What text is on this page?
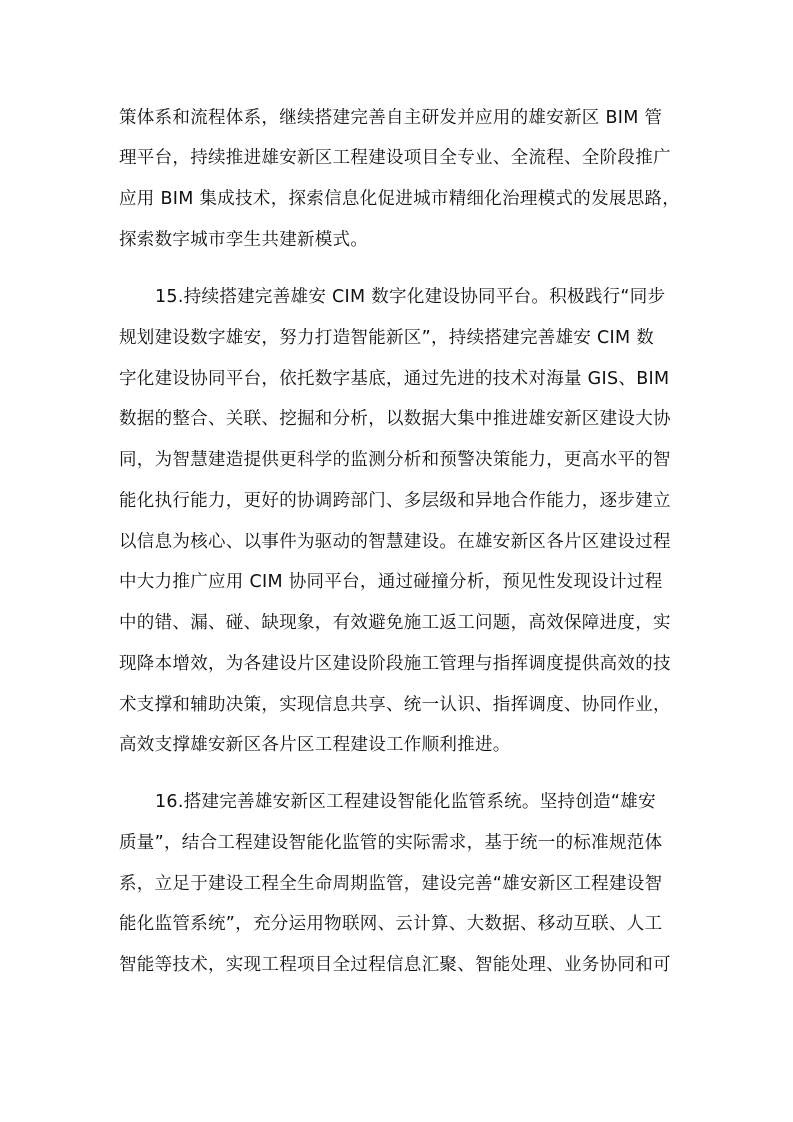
策体系和流程体系，继续搭建完善自主研发并应用的雄安新区 BIM 管
理平台，持续推进雄安新区工程建设项目全专业、全流程、全阶段推广
应用 BIM 集成技术，探索信息化促进城市精细化治理模式的发展思路，
探索数字城市孪生共建新模式。
15.持续搭建完善雄安 CIM 数字化建设协同平台。积极践行“同步
规划建设数字雄安，努力打造智能新区”，持续搭建完善雄安 CIM 数
字化建设协同平台，依托数字基底，通过先进的技术对海量 GIS、BIM
数据的整合、关联、挖掘和分析，以数据大集中推进雄安新区建设大协
同，为智慧建造提供更科学的监测分析和预警决策能力，更高水平的智
能化执行能力，更好的协调跨部门、多层级和异地合作能力，逐步建立
以信息为核心、以事件为驱动的智慧建设。在雄安新区各片区建设过程
中大力推广应用 CIM 协同平台，通过碰撞分析，预见性发现设计过程
中的错、漏、碰、缺现象，有效避免施工返工问题，高效保障进度，实
现降本增效，为各建设片区建设阶段施工管理与指挥调度提供高效的技
术支撑和辅助决策，实现信息共享、统一认识、指挥调度、协同作业，
高效支撑雄安新区各片区工程建设工作顺利推进。
16.搭建完善雄安新区工程建设智能化监管系统。坚持创造“雄安
质量”，结合工程建设智能化监管的实际需求，基于统一的标准规范体
系，立足于建设工程全生命周期监管，建设完善“雄安新区工程建设智
能化监管系统”，充分运用物联网、云计算、大数据、移动互联、人工
智能等技术，实现工程项目全过程信息汇聚、智能处理、业务协同和可
